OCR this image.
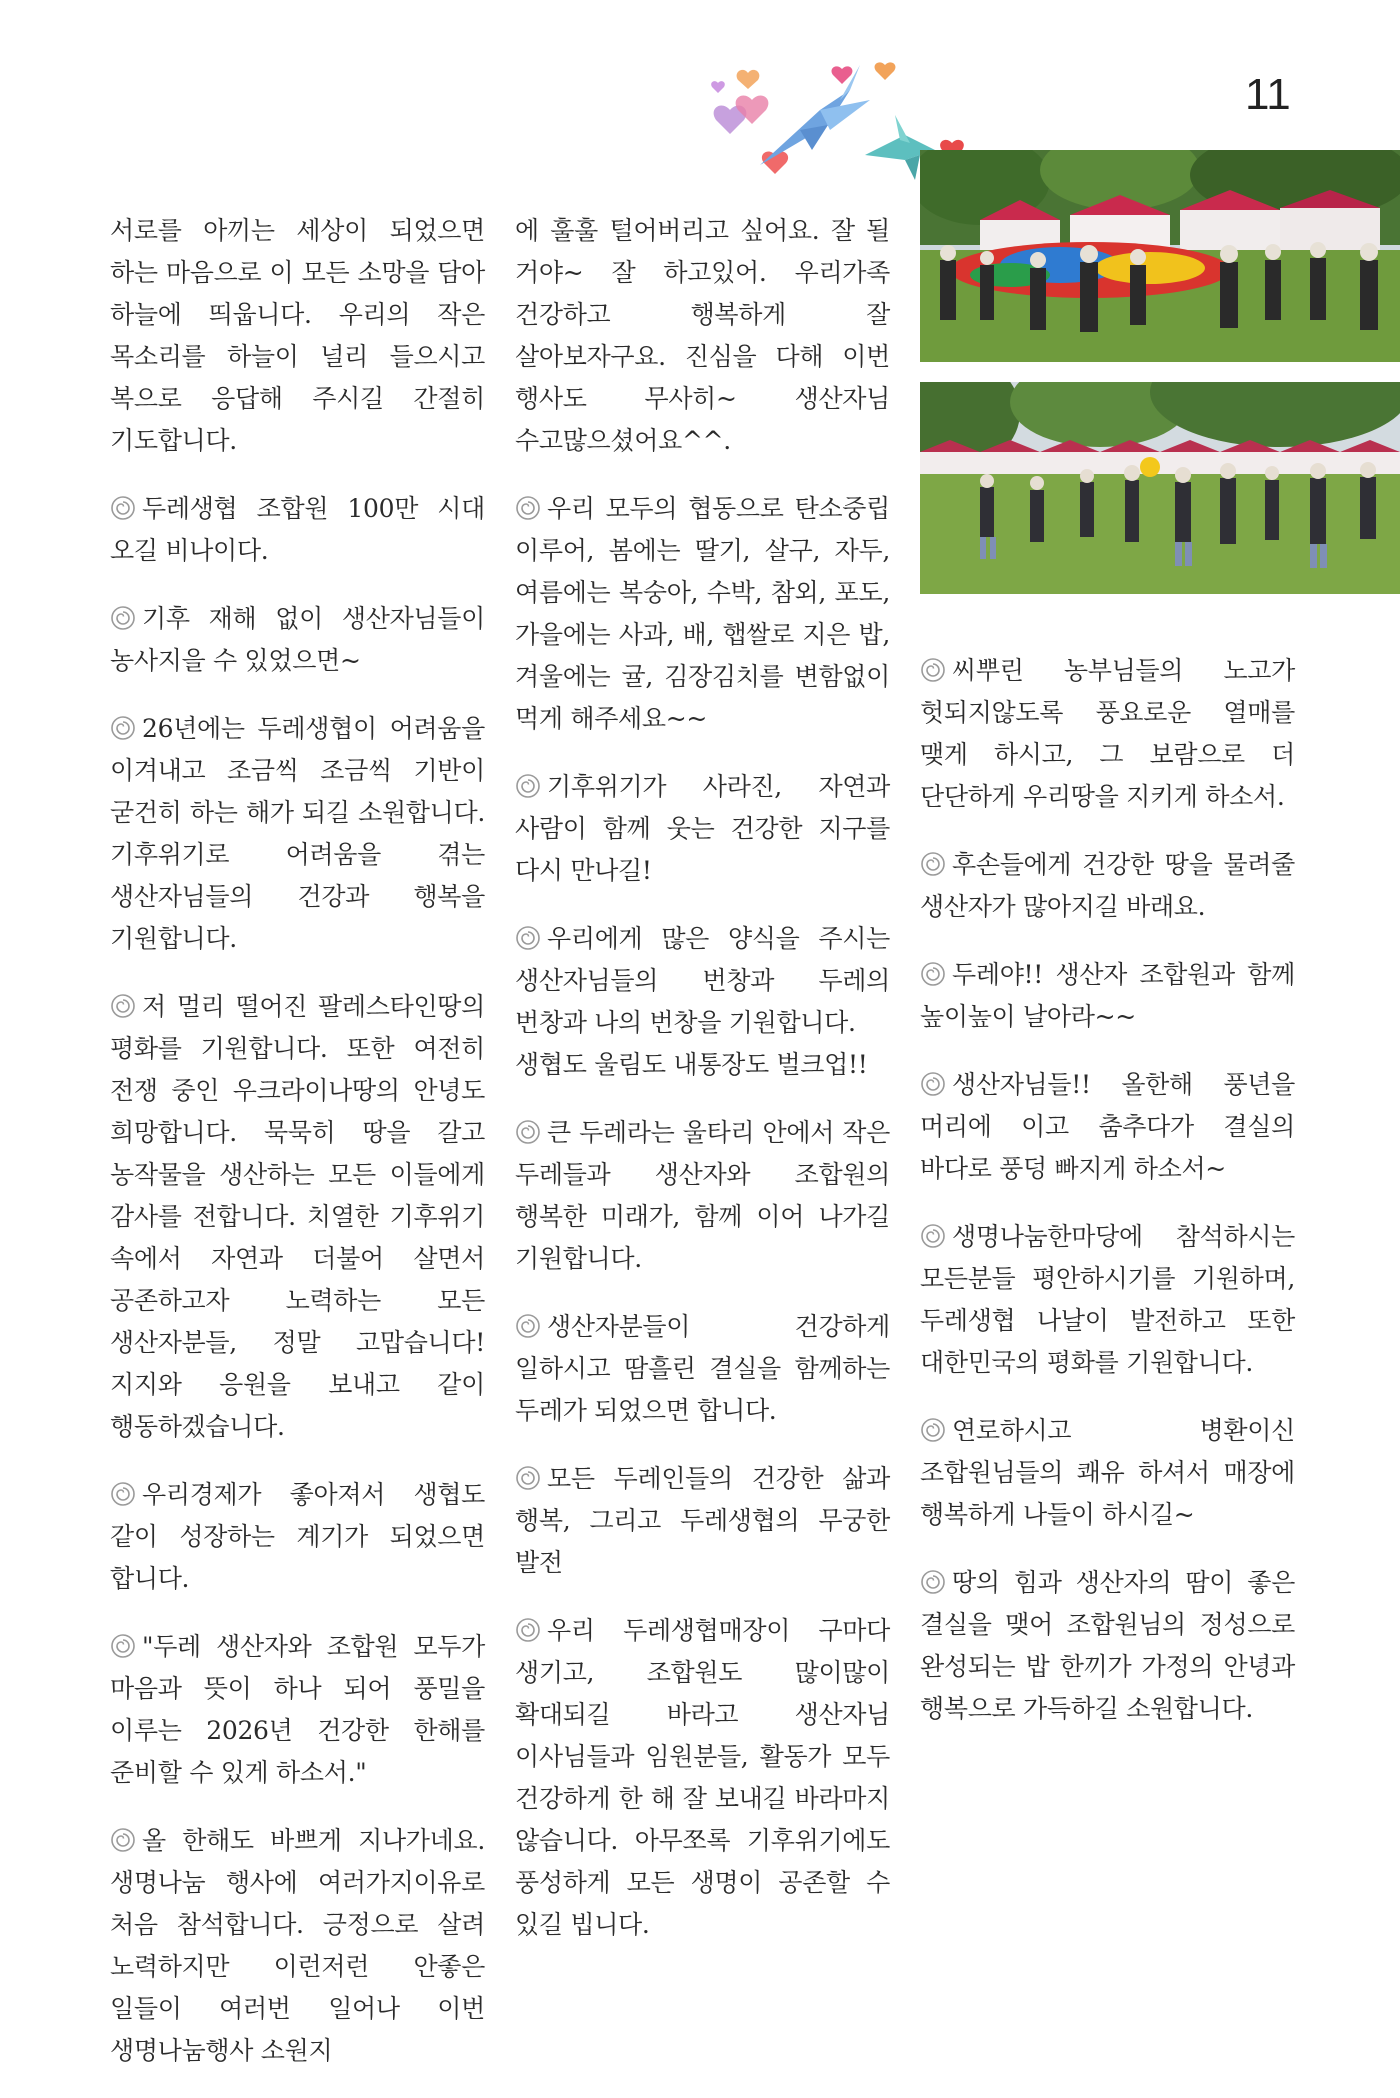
11

서로를 아끼는 세상이 되었으면 하는 마음으로 이 모든 소망을 담아 하늘에 띄웁니다. 우리의 작은 목소리를 하늘이 널리 들으시고 복으로 응답해 주시길 간절히 기도합니다.

두레생협 조합원 100만 시대 오길 비나이다.

기후 재해 없이 생산자님들이 농사지을 수 있었으면~

26년에는 두레생협이 어려움을 이겨내고 조금씩 조금씩 기반이 굳건히 하는 해가 되길 소원합니다. 기후위기로 어려움을 겪는 생산자님들의 건강과 행복을 기원합니다.

저 멀리 떨어진 팔레스타인땅의 평화를 기원합니다. 또한 여전히 전쟁 중인 우크라이나땅의 안녕도 희망합니다. 묵묵히 땅을 갈고 농작물을 생산하는 모든 이들에게 감사를 전합니다. 치열한 기후위기 속에서 자연과 더불어 살면서 공존하고자 노력하는 모든 생산자분들, 정말 고맙습니다! 지지와 응원을 보내고 같이 행동하겠습니다.

우리경제가 좋아져서 생협도 같이 성장하는 계기가 되었으면 합니다.

"두레 생산자와 조합원 모두가 마음과 뜻이 하나 되어 풍밀을 이루는 2026년 건강한 한해를 준비할 수 있게 하소서."

올 한해도 바쁘게 지나가네요. 생명나눔 행사에 여러가지이유로 처음 참석합니다. 긍정으로 살려 노력하지만 이런저런 안좋은 일들이 여러번 일어나 이번 생명나눔행사 소원지

에 훌훌 털어버리고 싶어요. 잘 될 거야~ 잘 하고있어. 우리가족 건강하고 행복하게 잘 살아보자구요. 진심을 다해 이번 행사도 무사히~ 생산자님 수고많으셨어요^^.

우리 모두의 협동으로 탄소중립 이루어, 봄에는 딸기, 살구, 자두, 여름에는 복숭아, 수박, 참외, 포도, 가을에는 사과, 배, 햅쌀로 지은 밥, 겨울에는 귤, 김장김치를 변함없이 먹게 해주세요~~

기후위기가 사라진, 자연과 사람이 함께 웃는 건강한 지구를 다시 만나길!

우리에게 많은 양식을 주시는 생산자님들의 번창과 두레의 번창과 나의 번창을 기원합니다.
생협도 울림도 내통장도 벌크업!!

큰 두레라는 울타리 안에서 작은 두레들과 생산자와 조합원의 행복한 미래가, 함께 이어 나가길 기원합니다.

생산자분들이 건강하게 일하시고 땀흘린 결실을 함께하는 두레가 되었으면 합니다.

모든 두레인들의 건강한 삶과 행복, 그리고 두레생협의 무궁한 발전

우리 두레생협매장이 구마다 생기고, 조합원도 많이많이 확대되길 바라고 생산자님 이사님들과 임원분들, 활동가 모두 건강하게 한 해 잘 보내길 바라마지 않습니다. 아무쪼록 기후위기에도 풍성하게 모든 생명이 공존할 수 있길 빕니다.

씨뿌린 농부님들의 노고가 헛되지않도록 풍요로운 열매를 맺게 하시고, 그 보람으로 더 단단하게 우리땅을 지키게 하소서.

후손들에게 건강한 땅을 물려줄 생산자가 많아지길 바래요.

두레야!! 생산자 조합원과 함께 높이높이 날아라~~

생산자님들!! 올한해 풍년을 머리에 이고 춤추다가 결실의 바다로 풍덩 빠지게 하소서~

생명나눔한마당에 참석하시는 모든분들 평안하시기를 기원하며, 두레생협 나날이 발전하고 또한 대한민국의 평화를 기원합니다.

연로하시고 병환이신 조합원님들의 쾌유 하셔서 매장에 행복하게 나들이 하시길~

땅의 힘과 생산자의 땀이 좋은 결실을 맺어 조합원님의 정성으로 완성되는 밥 한끼가 가정의 안녕과 행복으로 가득하길 소원합니다.
